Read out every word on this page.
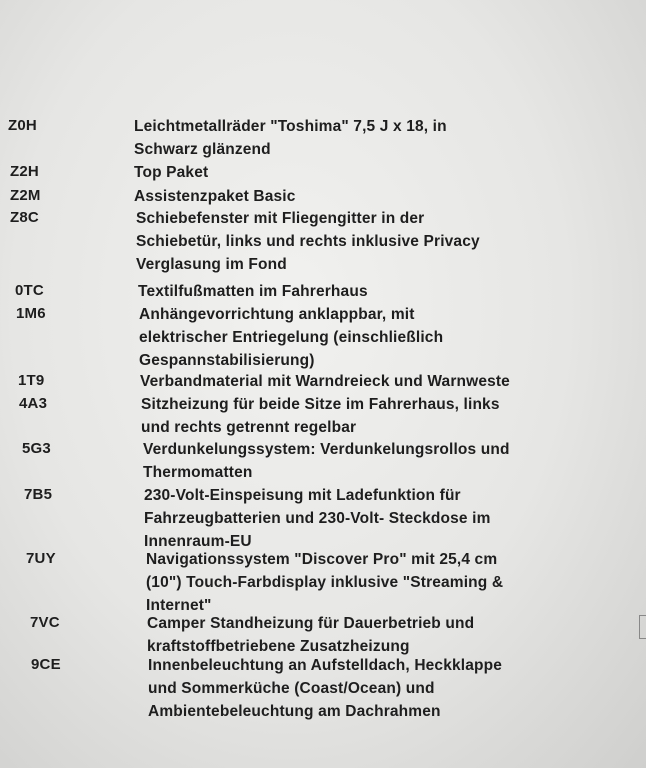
Z0H	Leichtmetallräder "Toshima" 7,5 J x 18, in
Schwarz glänzend
Z2H	Top Paket
Z2M	Assistenzpaket Basic
Z8C	Schiebefenster mit Fliegengitter in der
Schiebetür, links und rechts inklusive Privacy
Verglasung im Fond
0TC	Textilfußmatten im Fahrerhaus
1M6	Anhängevorrichtung anklappbar, mit
elektrischer Entriegelung (einschließlich
Gespannstabilisierung)
1T9	Verbandmaterial mit Warndreieck und Warnweste
4A3	Sitzheizung für beide Sitze im Fahrerhaus, links
und rechts getrennt regelbar
5G3	Verdunkelungssystem: Verdunkelungsrollos und
Thermomatten
7B5	230-Volt-Einspeisung mit Ladefunktion für
Fahrzeugbatterien und 230-Volt- Steckdose im
Innenraum-EU
7UY	Navigationssystem "Discover Pro" mit 25,4 cm
(10") Touch-Farbdisplay inklusive "Streaming &
Internet"
7VC	Camper Standheizung für Dauerbetrieb und
kraftstoffbetriebene Zusatzheizung
9CE	Innenbeleuchtung an Aufstelldach, Heckklappe
und Sommerküche (Coast/Ocean) und
Ambientebeleuchtung am Dachrahmen
